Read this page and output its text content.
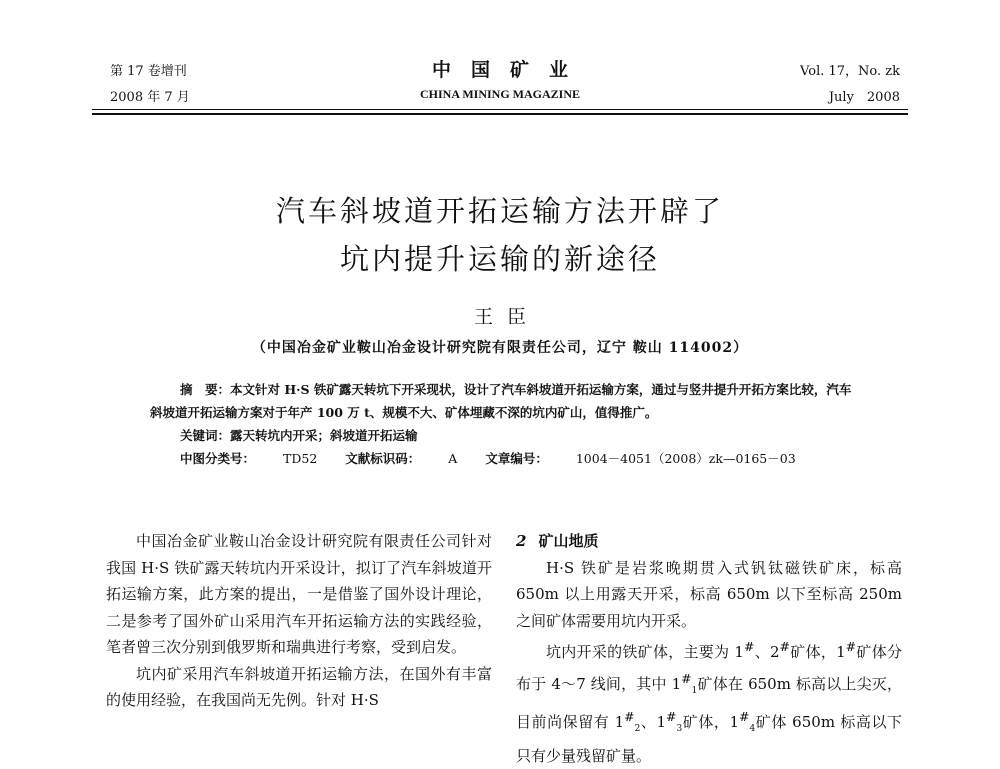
第 17 卷增刊
2008 年 7 月
中国矿业
CHINA MINING MAGAZINE
Vol. 17，No. zk
July　2008
汽车斜坡道开拓运输方法开辟了
坑内提升运输的新途径
王臣
（中国冶金矿业鞍山冶金设计研究院有限责任公司，辽宁 鞍山 114002）

摘　要：本文针对 H·S 铁矿露天转坑下开采现状，设计了汽车斜坡道开拓运输方案，通过与竖井提升开拓方案比较，汽车斜坡道开拓运输方案对于年产 100 万 t、规模不大、矿体埋藏不深的坑内矿山，值得推广。

关键词：露天转坑内开采；斜坡道开拓运输

中图分类号： TD52 文献标识码： A 文章编号： 1004－4051（2008）zk—0165－03

中国冶金矿业鞍山冶金设计研究院有限责任公司针对我国 H·S 铁矿露天转坑内开采设计，拟订了汽车斜坡道开拓运输方案，此方案的提出，一是借鉴了国外设计理论，二是参考了国外矿山采用汽车开拓运输方法的实践经验，笔者曾三次分别到俄罗斯和瑞典进行考察，受到启发。

坑内矿采用汽车斜坡道开拓运输方法，在国外有丰富的使用经验，在我国尚无先例。针对 H·S

2 矿山地质

H·S 铁矿是岩浆晚期贯入式钒钛磁铁矿床，标高 650m 以上用露天开采，标高 650m 以下至标高 250m 之间矿体需要用坑内开采。

坑内开采的铁矿体，主要为 1#、2#矿体，1#矿体分布于 4～7 线间，其中 $1^{\#}_1$矿体在 650m 标高以上尖灭，目前尚保留有 $1^{\#}_2$、$1^{\#}_3$矿体，$1^{\#}_4$矿体 650m 标高以下只有少量残留矿量。
